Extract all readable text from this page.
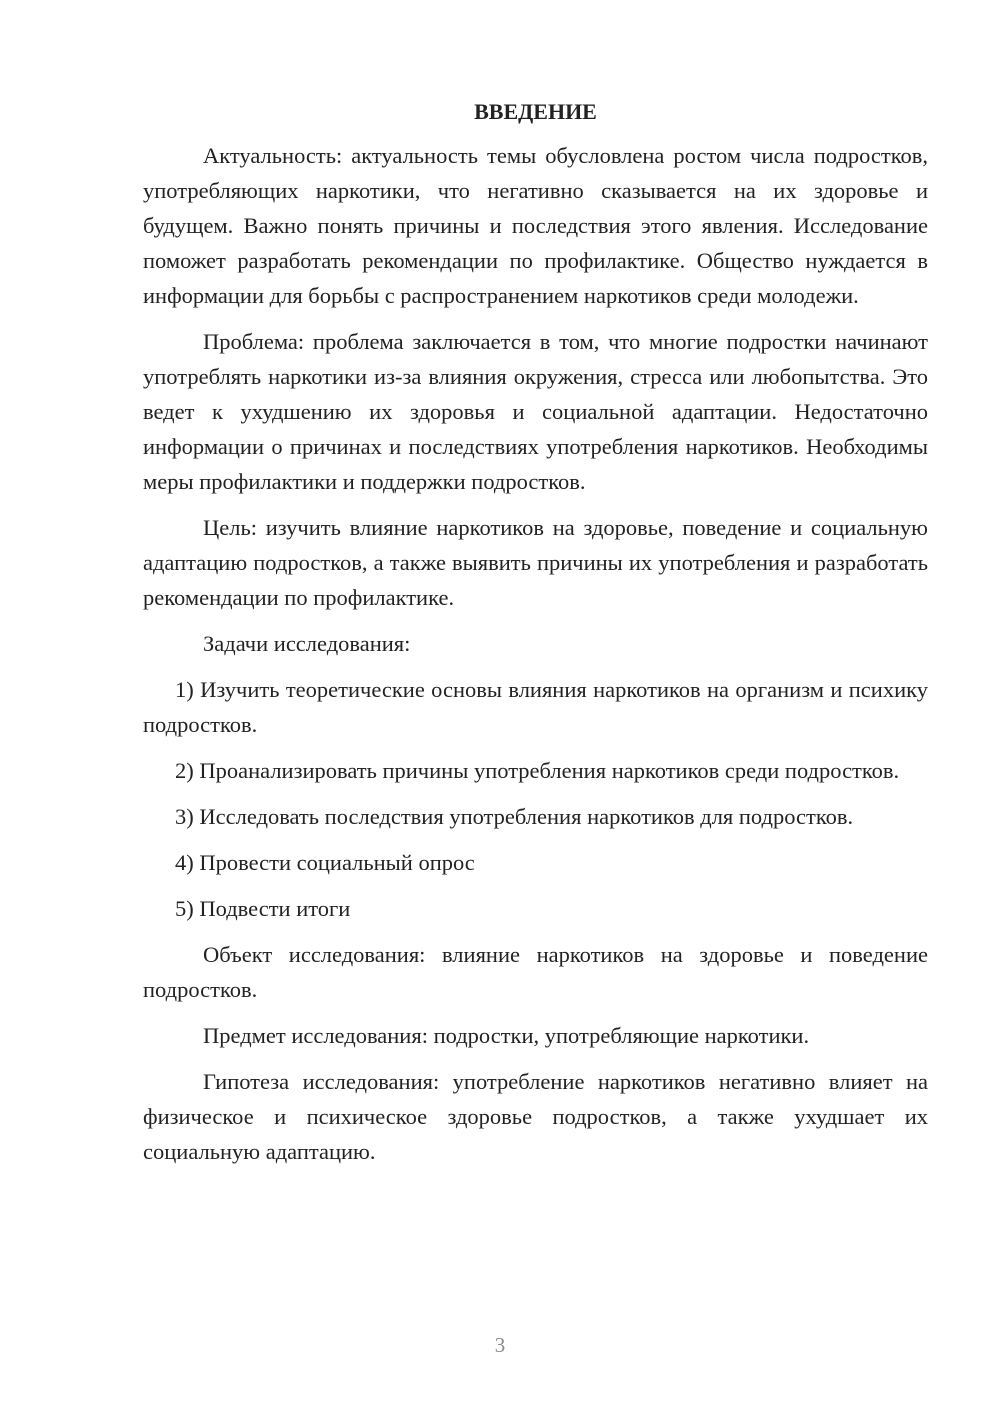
ВВЕДЕНИЕ

Актуальность: актуальность темы обусловлена ростом числа подростков, употребляющих наркотики, что негативно сказывается на их здоровье и будущем. Важно понять причины и последствия этого явления. Исследование поможет разработать рекомендации по профилактике. Общество нуждается в информации для борьбы с распространением наркотиков среди молодежи.

Проблема: проблема заключается в том, что многие подростки начинают употреблять наркотики из-за влияния окружения, стресса или любопытства. Это ведет к ухудшению их здоровья и социальной адаптации. Недостаточно информации о причинах и последствиях употребления наркотиков. Необходимы меры профилактики и поддержки подростков.

Цель: изучить влияние наркотиков на здоровье, поведение и социальную адаптацию подростков, а также выявить причины их употребления и разработать рекомендации по профилактике.

Задачи исследования:

1) Изучить теоретические основы влияния наркотиков на организм и психику подростков.

2) Проанализировать причины употребления наркотиков среди подростков.

3) Исследовать последствия употребления наркотиков для подростков.

4) Провести социальный опрос

5) Подвести итоги

Объект исследования: влияние наркотиков на здоровье и поведение подростков.

Предмет исследования: подростки, употребляющие наркотики.

Гипотеза исследования: употребление наркотиков негативно влияет на физическое и психическое здоровье подростков, а также ухудшает их социальную адаптацию.

3
